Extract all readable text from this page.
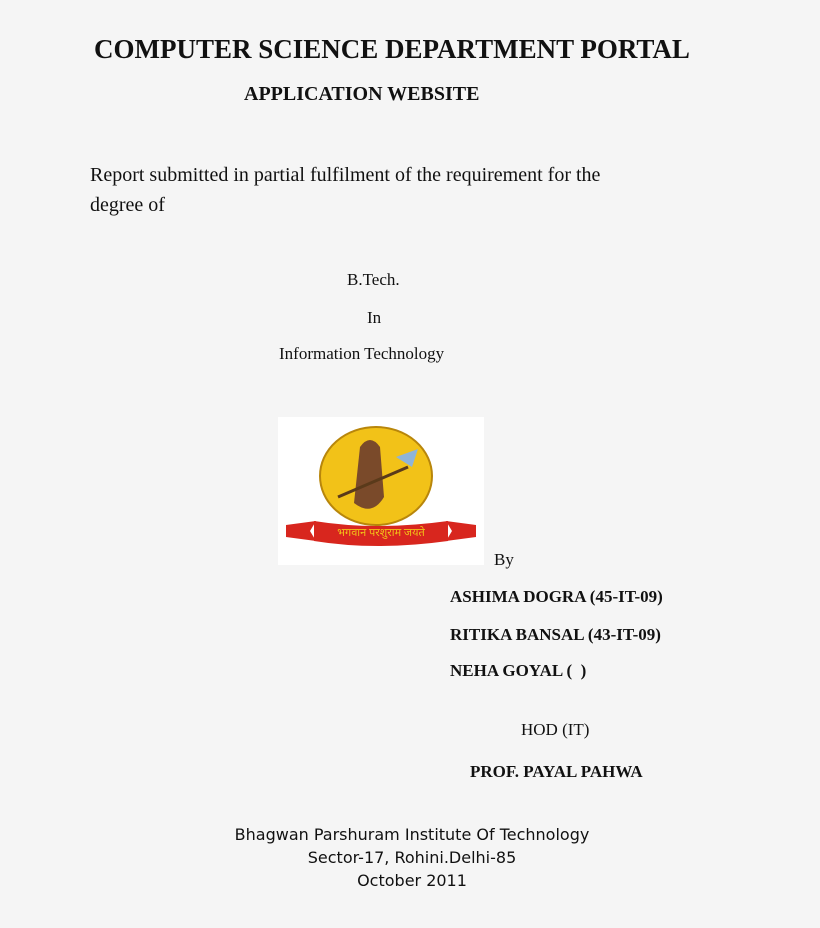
COMPUTER SCIENCE DEPARTMENT PORTAL
APPLICATION WEBSITE
Report submitted in partial fulfilment of the requirement for the
degree of
B.Tech.
In
Information Technology
भगवान परशुराम जयते
By
ASHIMA DOGRA (45-IT-09)
RITIKA BANSAL (43-IT-09)
NEHA GOYAL (  )
HOD (IT)
PROF. PAYAL PAHWA
Bhagwan Parshuram Institute Of Technology
Sector-17, Rohini.Delhi-85
October 2011
